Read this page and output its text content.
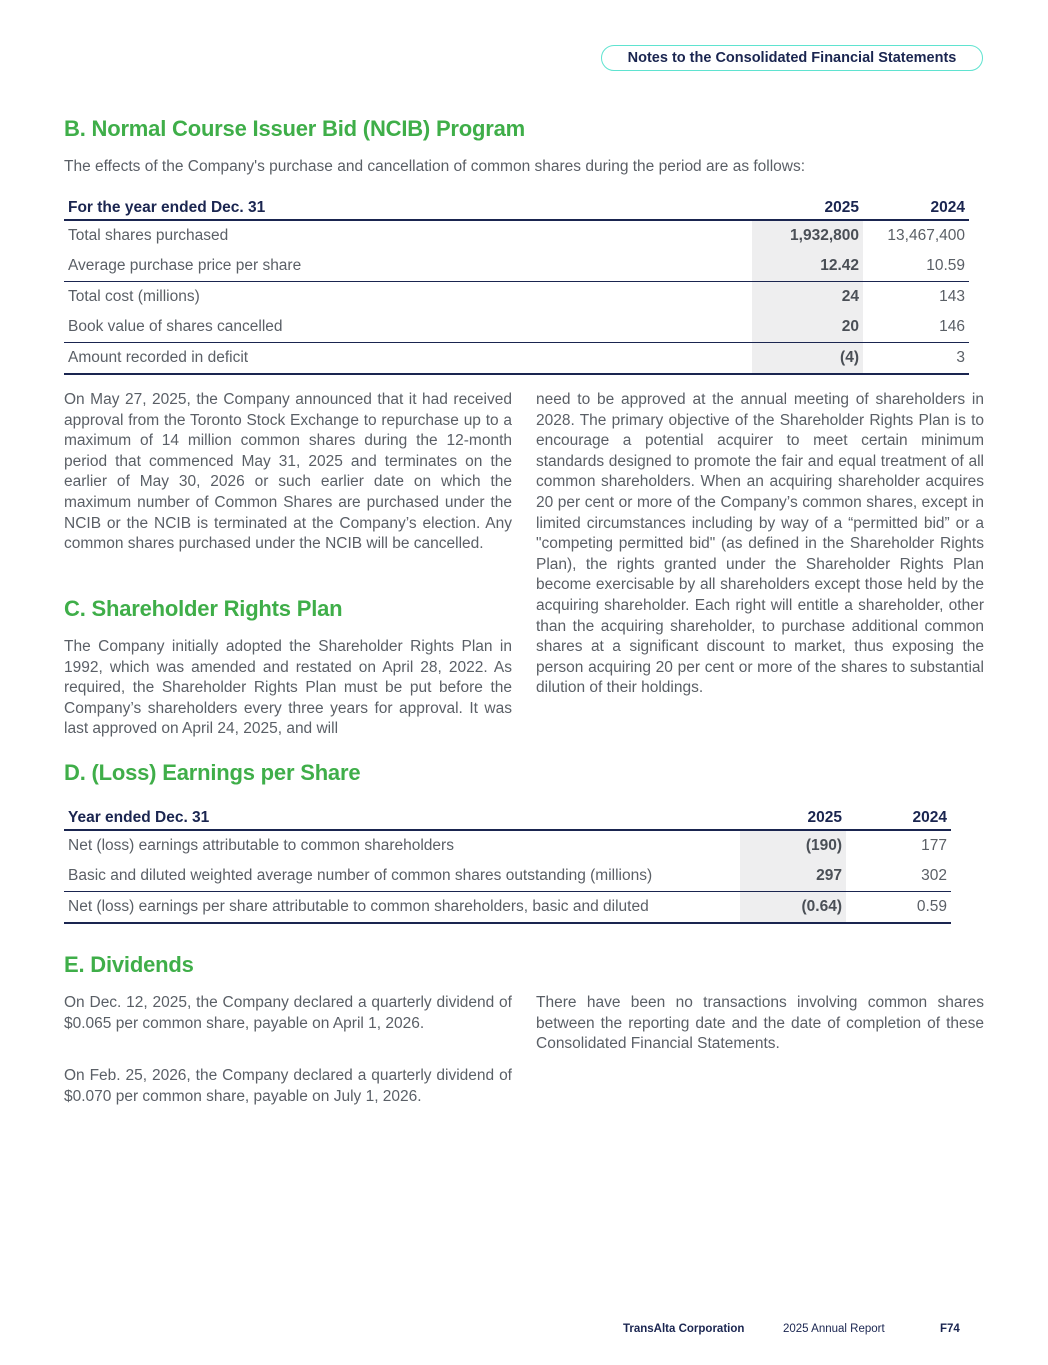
Notes to the Consolidated Financial Statements
B. Normal Course Issuer Bid (NCIB) Program

The effects of the Company's purchase and cancellation of common shares during the period are as follows:

For the year ended Dec. 31	2025	2024
Total shares purchased	1,932,800	13,467,400
Average purchase price per share	12.42	10.59
Total cost (millions)	24	143
Book value of shares cancelled	20	146
Amount recorded in deficit	(4)	3

On May 27, 2025, the Company announced that it had received approval from the Toronto Stock Exchange to repurchase up to a maximum of 14 million common shares during the 12-month period that commenced May 31, 2025 and terminates on the earlier of May 30, 2026 or such earlier date on which the maximum number of Common Shares are purchased under the NCIB or the NCIB is terminated at the Company’s election. Any common shares purchased under the NCIB will be cancelled.

C. Shareholder Rights Plan

The Company initially adopted the Shareholder Rights Plan in 1992, which was amended and restated on April 28, 2022. As required, the Shareholder Rights Plan must be put before the Company’s shareholders every three years for approval. It was last approved on April 24, 2025, and will

need to be approved at the annual meeting of shareholders in 2028. The primary objective of the Shareholder Rights Plan is to encourage a potential acquirer to meet certain minimum standards designed to promote the fair and equal treatment of all common shareholders. When an acquiring shareholder acquires 20 per cent or more of the Company’s common shares, except in limited circumstances including by way of a “permitted bid” or a "competing permitted bid" (as defined in the Shareholder Rights Plan), the rights granted under the Shareholder Rights Plan become exercisable by all shareholders except those held by the acquiring shareholder. Each right will entitle a shareholder, other than the acquiring shareholder, to purchase additional common shares at a significant discount to market, thus exposing the person acquiring 20 per cent or more of the shares to substantial dilution of their holdings.

D. (Loss) Earnings per Share
Year ended Dec. 31	2025	2024
Net (loss) earnings attributable to common shareholders	(190)	177
Basic and diluted weighted average number of common shares outstanding (millions)	297	302
Net (loss) earnings per share attributable to common shareholders, basic and diluted	(0.64)	0.59
E. Dividends

On Dec. 12, 2025, the Company declared a quarterly dividend of $0.065 per common share, payable on April 1, 2026.

On Feb. 25, 2026, the Company declared a quarterly dividend of $0.070 per common share, payable on July 1, 2026.

There have been no transactions involving common shares between the reporting date and the date of completion of these Consolidated Financial Statements.

TransAlta Corporation	2025 Annual Report	F74
